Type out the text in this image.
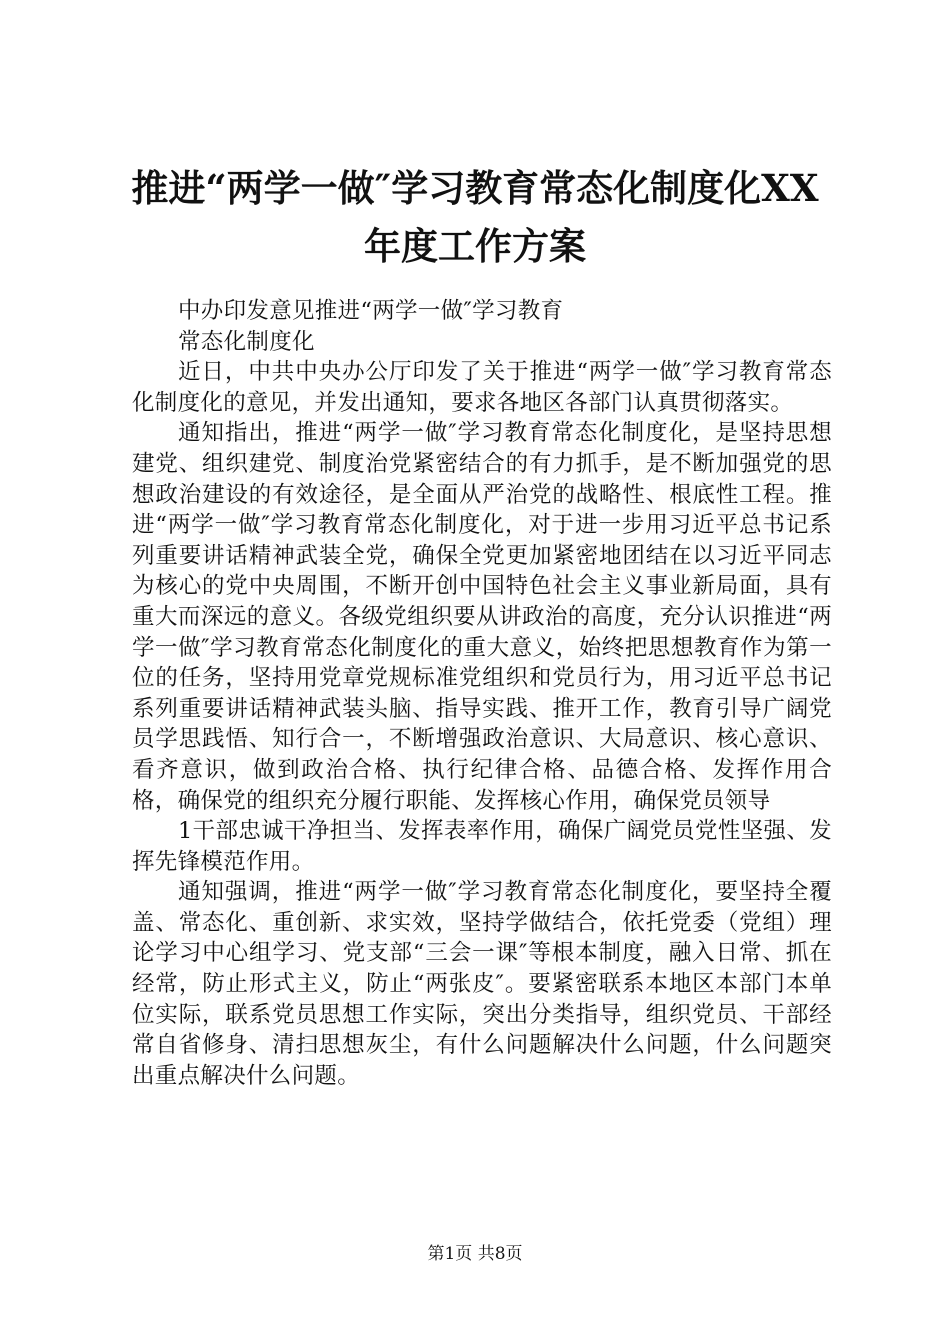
推进“两学一做″学习教育常态化制度化XX
年度工作方案

中办印发意见推进“两学一做″学习教育

常态化制度化

近日，中共中央办公厅印发了关于推进“两学一做″学习教育常态化制度化的意见，并发出通知，要求各地区各部门认真贯彻落实。

通知指出，推进“两学一做″学习教育常态化制度化，是坚持思想建党、组织建党、制度治党紧密结合的有力抓手，是不断加强党的思想政治建设的有效途径，是全面从严治党的战略性、根底性工程。推进“两学一做″学习教育常态化制度化，对于进一步用习近平总书记系列重要讲话精神武装全党，确保全党更加紧密地团结在以习近平同志为核心的党中央周围，不断开创中国特色社会主义事业新局面，具有重大而深远的意义。各级党组织要从讲政治的高度，充分认识推进“两学一做″学习教育常态化制度化的重大意义，始终把思想教育作为第一位的任务，坚持用党章党规标准党组织和党员行为，用习近平总书记系列重要讲话精神武装头脑、指导实践、推开工作，教育引导广阔党员学思践悟、知行合一，不断增强政治意识、大局意识、核心意识、看齐意识，做到政治合格、执行纪律合格、品德合格、发挥作用合格，确保党的组织充分履行职能、发挥核心作用，确保党员领导

1干部忠诚干净担当、发挥表率作用，确保广阔党员党性坚强、发挥先锋模范作用。

通知强调，推进“两学一做″学习教育常态化制度化，要坚持全覆盖、常态化、重创新、求实效，坚持学做结合，依托党委（党组）理论学习中心组学习、党支部“三会一课″等根本制度，融入日常、抓在经常，防止形式主义，防止“两张皮″。要紧密联系本地区本部门本单位实际，联系党员思想工作实际，突出分类指导，组织党员、干部经常自省修身、清扫思想灰尘，有什么问题解决什么问题，什么问题突出重点解决什么问题。

第1页 共8页
